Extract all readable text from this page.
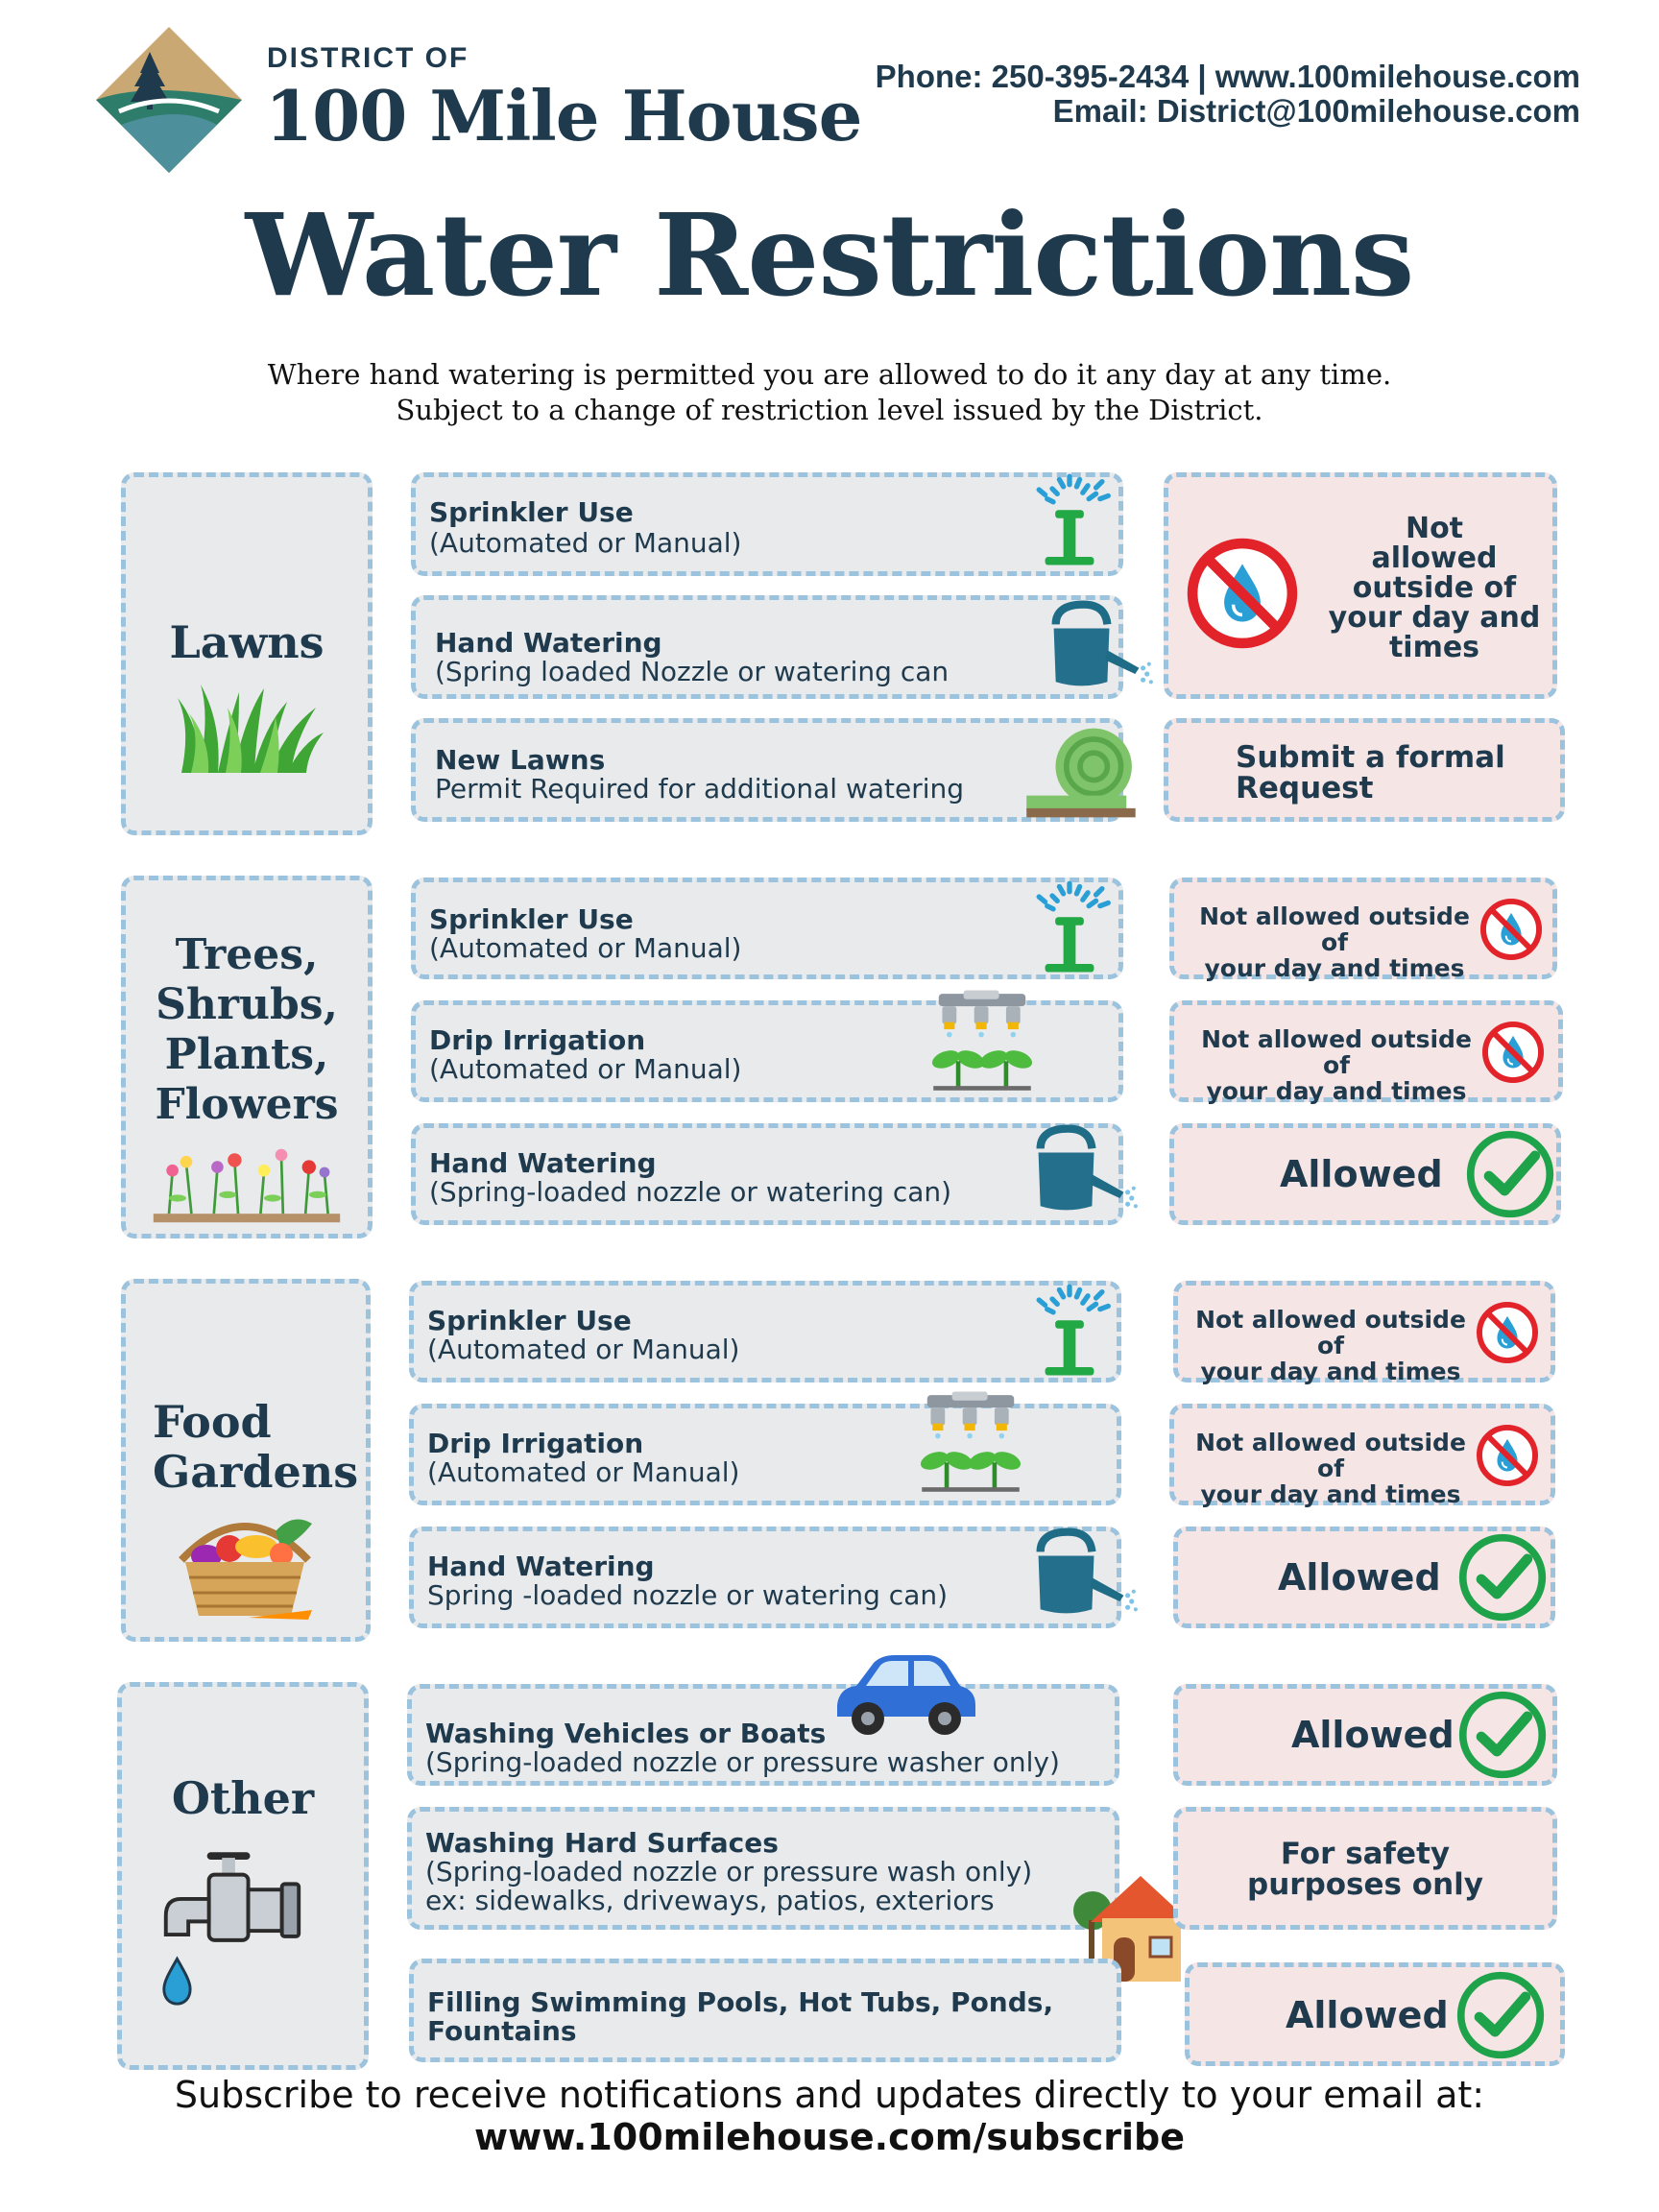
DISTRICT OF
100 Mile House Phone: 250-395-2434 | www.100milehouse.com
Email: District@100milehouse.com
Water Restrictions
Where hand watering is permitted you are allowed to do it any day at any time.
Subject to a change of restriction level issued by the District.
Lawns
Sprinkler Use
(Automated or Manual)
Hand Watering
(Spring loaded Nozzle or watering can
New Lawns
Permit Required for additional watering
Not
allowed
outside of
your day and
times
Submit a formal
Request
Trees,
Shrubs,
Plants,
Flowers
Sprinkler Use
(Automated or Manual)
Drip Irrigation
(Automated or Manual)
Hand Watering
(Spring-loaded nozzle or watering can)
Not allowed outside of
your day and times
Not allowed outside of
your day and times
Allowed
Food
Gardens
Sprinkler Use
(Automated or Manual)
Drip Irrigation
(Automated or Manual)
Hand Watering
Spring -loaded nozzle or watering can)
Not allowed outside of
your day and times
Not allowed outside of
your day and times
Allowed
Other
Washing Vehicles or Boats
(Spring-loaded nozzle or pressure washer only)
Washing Hard Surfaces
(Spring-loaded nozzle or pressure wash only)
ex: sidewalks, driveways, patios, exteriors
Filling Swimming Pools, Hot Tubs, Ponds,
Fountains
Allowed
For safety
purposes only
Allowed
Subscribe to receive notifications and updates directly to your email at:
www.100milehouse.com/subscribe
